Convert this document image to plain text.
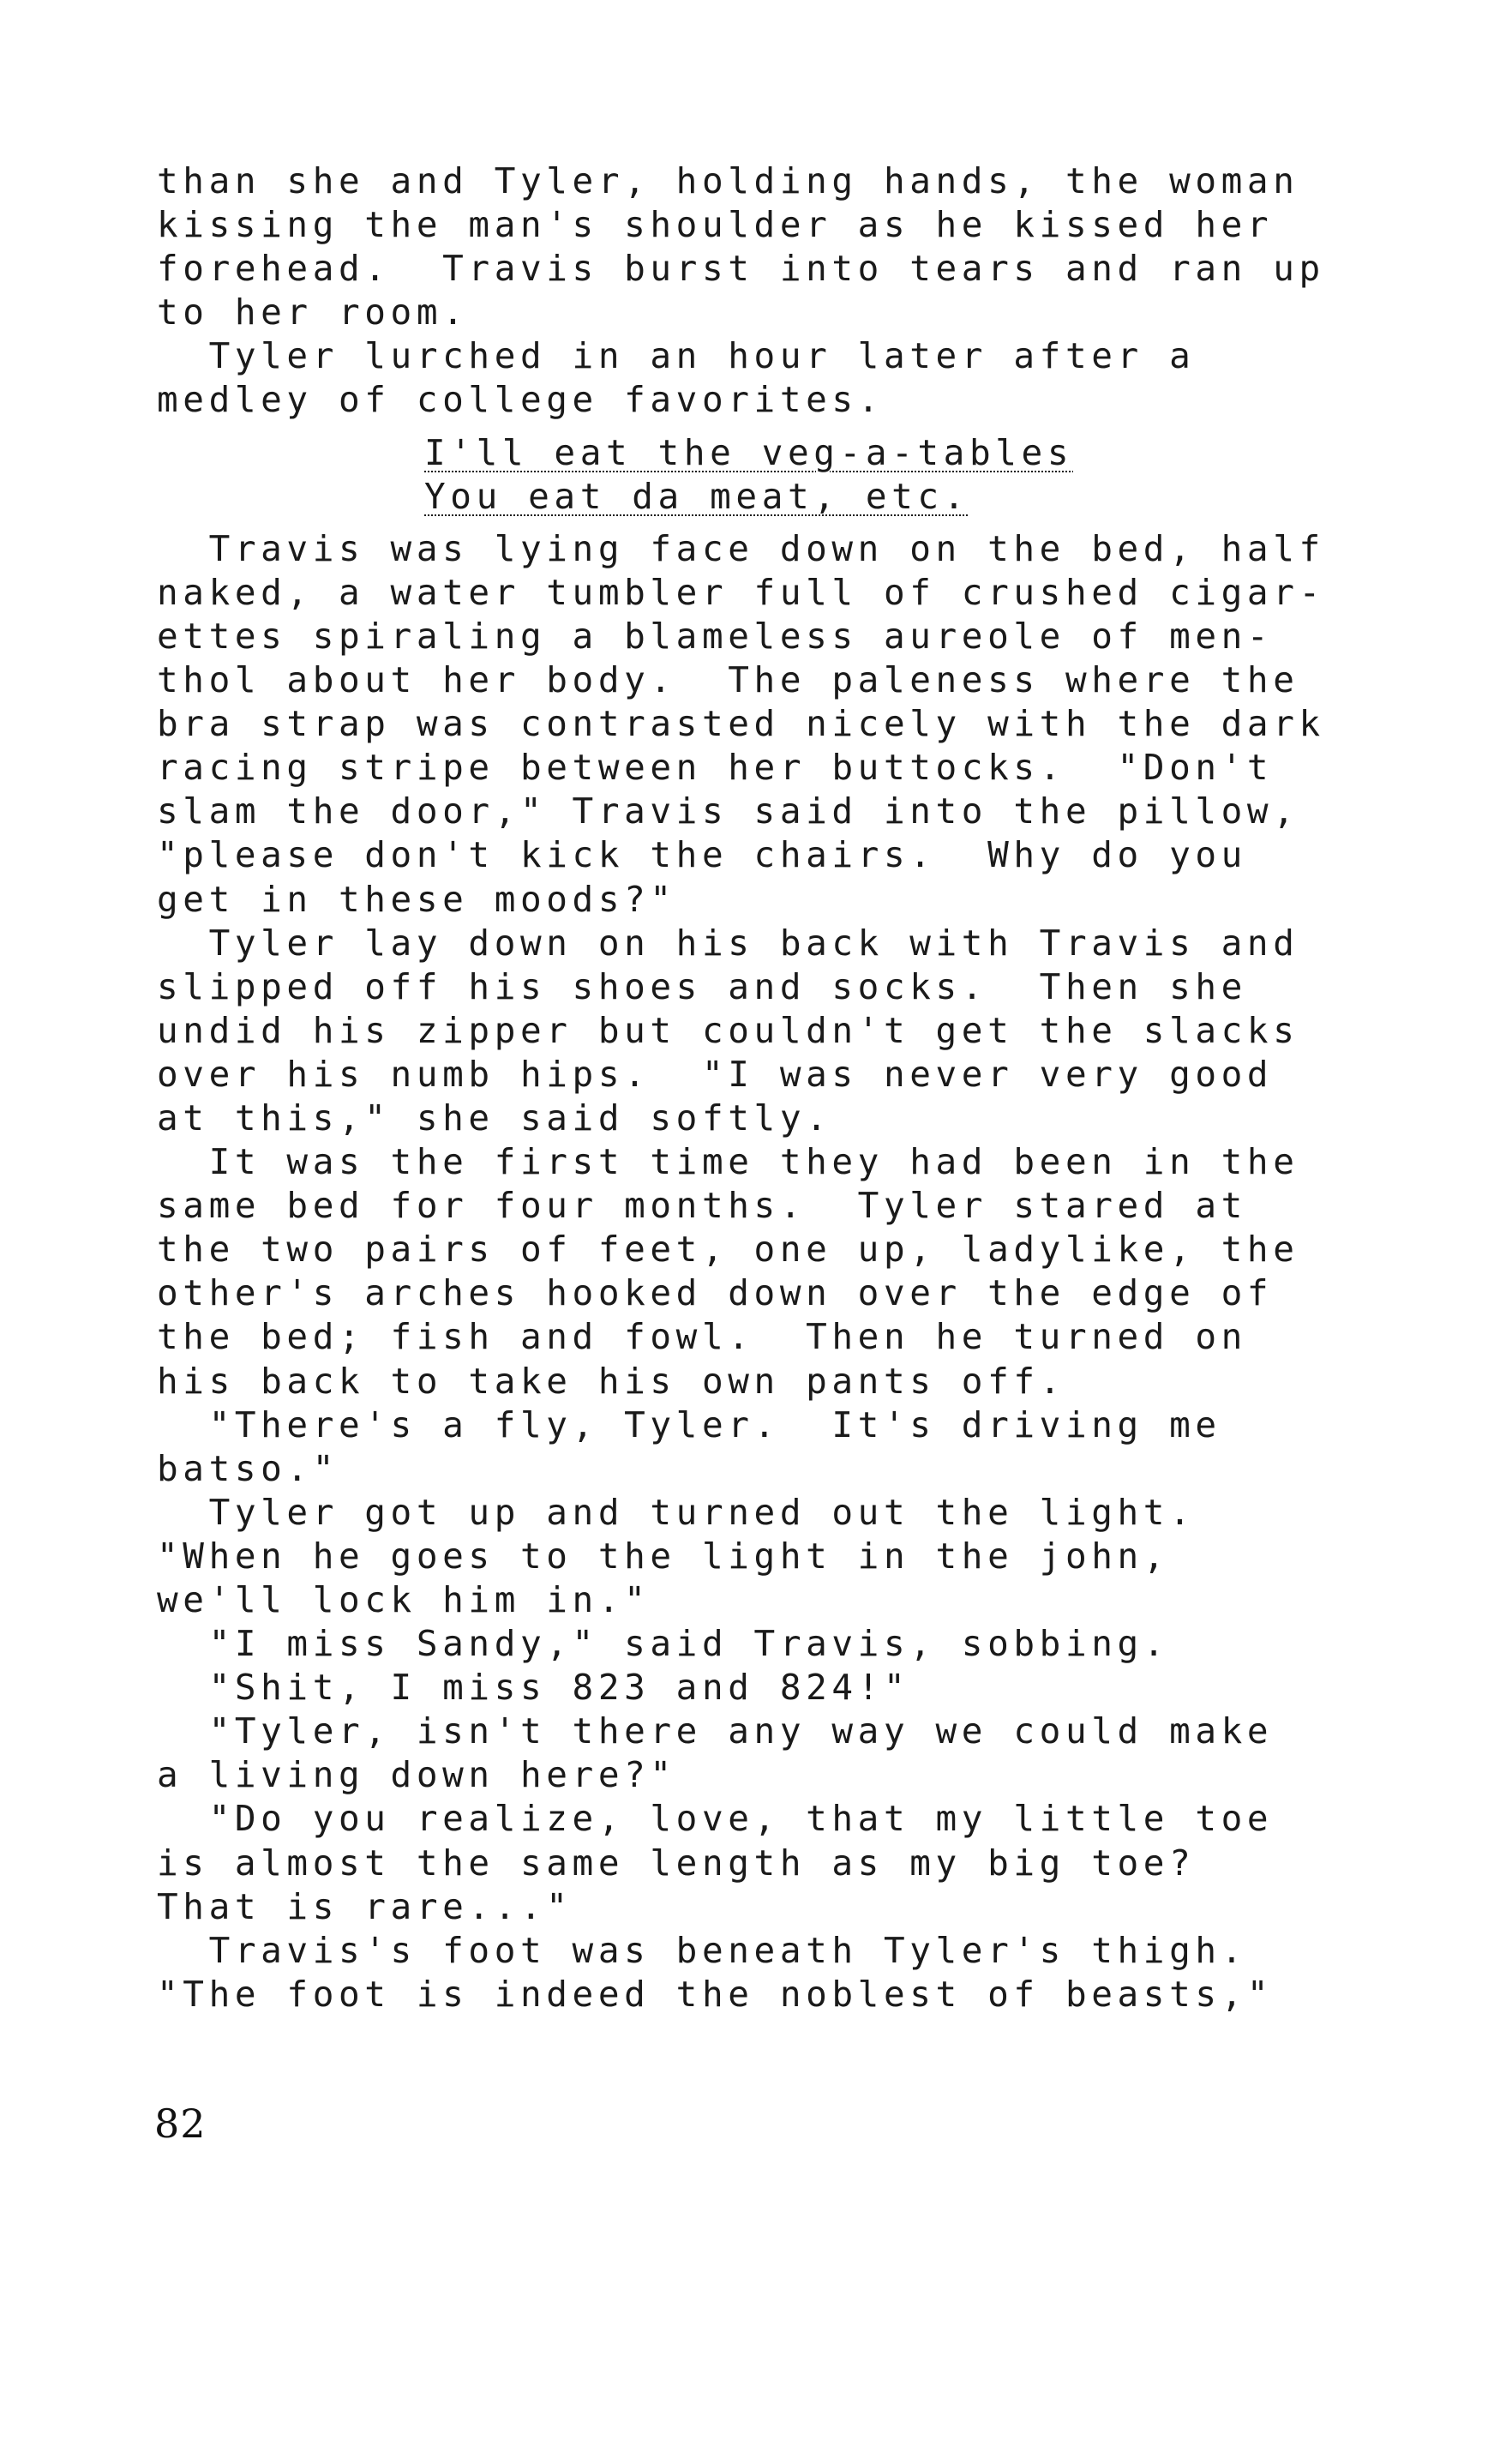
than she and Tyler, holding hands, the woman
kissing the man's shoulder as he kissed her
forehead.  Travis burst into tears and ran up
to her room.
Tyler lurched in an hour later after a
medley of college favorites.
I'll eat the veg-a-tables
You eat da meat, etc.
Travis was lying face down on the bed, half
naked, a water tumbler full of crushed cigar-
ettes spiraling a blameless aureole of men-
thol about her body.  The paleness where the
bra strap was contrasted nicely with the dark
racing stripe between her buttocks.  "Don't
slam the door," Travis said into the pillow,
"please don't kick the chairs.  Why do you
get in these moods?"
Tyler lay down on his back with Travis and
slipped off his shoes and socks.  Then she
undid his zipper but couldn't get the slacks
over his numb hips.  "I was never very good
at this," she said softly.
It was the first time they had been in the
same bed for four months.  Tyler stared at
the two pairs of feet, one up, ladylike, the
other's arches hooked down over the edge of
the bed; fish and fowl.  Then he turned on
his back to take his own pants off.
"There's a fly, Tyler.  It's driving me
batso."
Tyler got up and turned out the light.
"When he goes to the light in the john,
we'll lock him in."
"I miss Sandy," said Travis, sobbing.
"Shit, I miss 823 and 824!"
"Tyler, isn't there any way we could make
a living down here?"
"Do you realize, love, that my little toe
is almost the same length as my big toe?
That is rare..."
Travis's foot was beneath Tyler's thigh.
"The foot is indeed the noblest of beasts,"
82
